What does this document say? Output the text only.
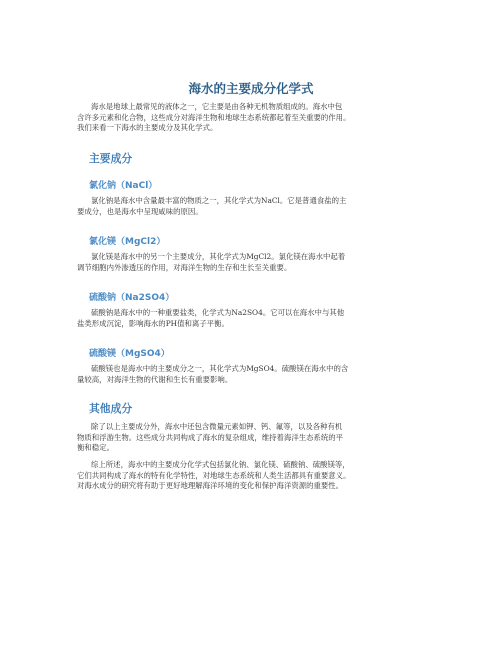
海水的主要成分化学式
海水是地球上最常见的液体之一，它主要是由各种无机物质组成的。海水中包
含许多元素和化合物，这些成分对海洋生物和地球生态系统都起着至关重要的作用。
我们来看一下海水的主要成分及其化学式。
主要成分
氯化钠（NaCl）
氯化钠是海水中含量最丰富的物质之一，其化学式为NaCl。它是普通食盐的主
要成分，也是海水中呈现咸味的原因。
氯化镁（MgCl2）
氯化镁是海水中的另一个主要成分，其化学式为MgCl2。氯化镁在海水中起着
调节细胞内外渗透压的作用，对海洋生物的生存和生长至关重要。
硫酸钠（Na2SO4）
硫酸钠是海水中的一种重要盐类，化学式为Na2SO4。它可以在海水中与其他
盐类形成沉淀，影响海水的PH值和离子平衡。
硫酸镁（MgSO4）
硫酸镁也是海水中的主要成分之一，其化学式为MgSO4。硫酸镁在海水中的含
量较高，对海洋生物的代谢和生长有重要影响。
其他成分
除了以上主要成分外，海水中还包含微量元素如钾、钙、氟等，以及各种有机
物质和浮游生物。这些成分共同构成了海水的复杂组成，维持着海洋生态系统的平
衡和稳定。
综上所述，海水中的主要成分化学式包括氯化钠、氯化镁、硫酸钠、硫酸镁等，
它们共同构成了海水的特有化学特性，对地球生态系统和人类生活都具有重要意义。
对海水成分的研究将有助于更好地理解海洋环境的变化和保护海洋资源的重要性。
